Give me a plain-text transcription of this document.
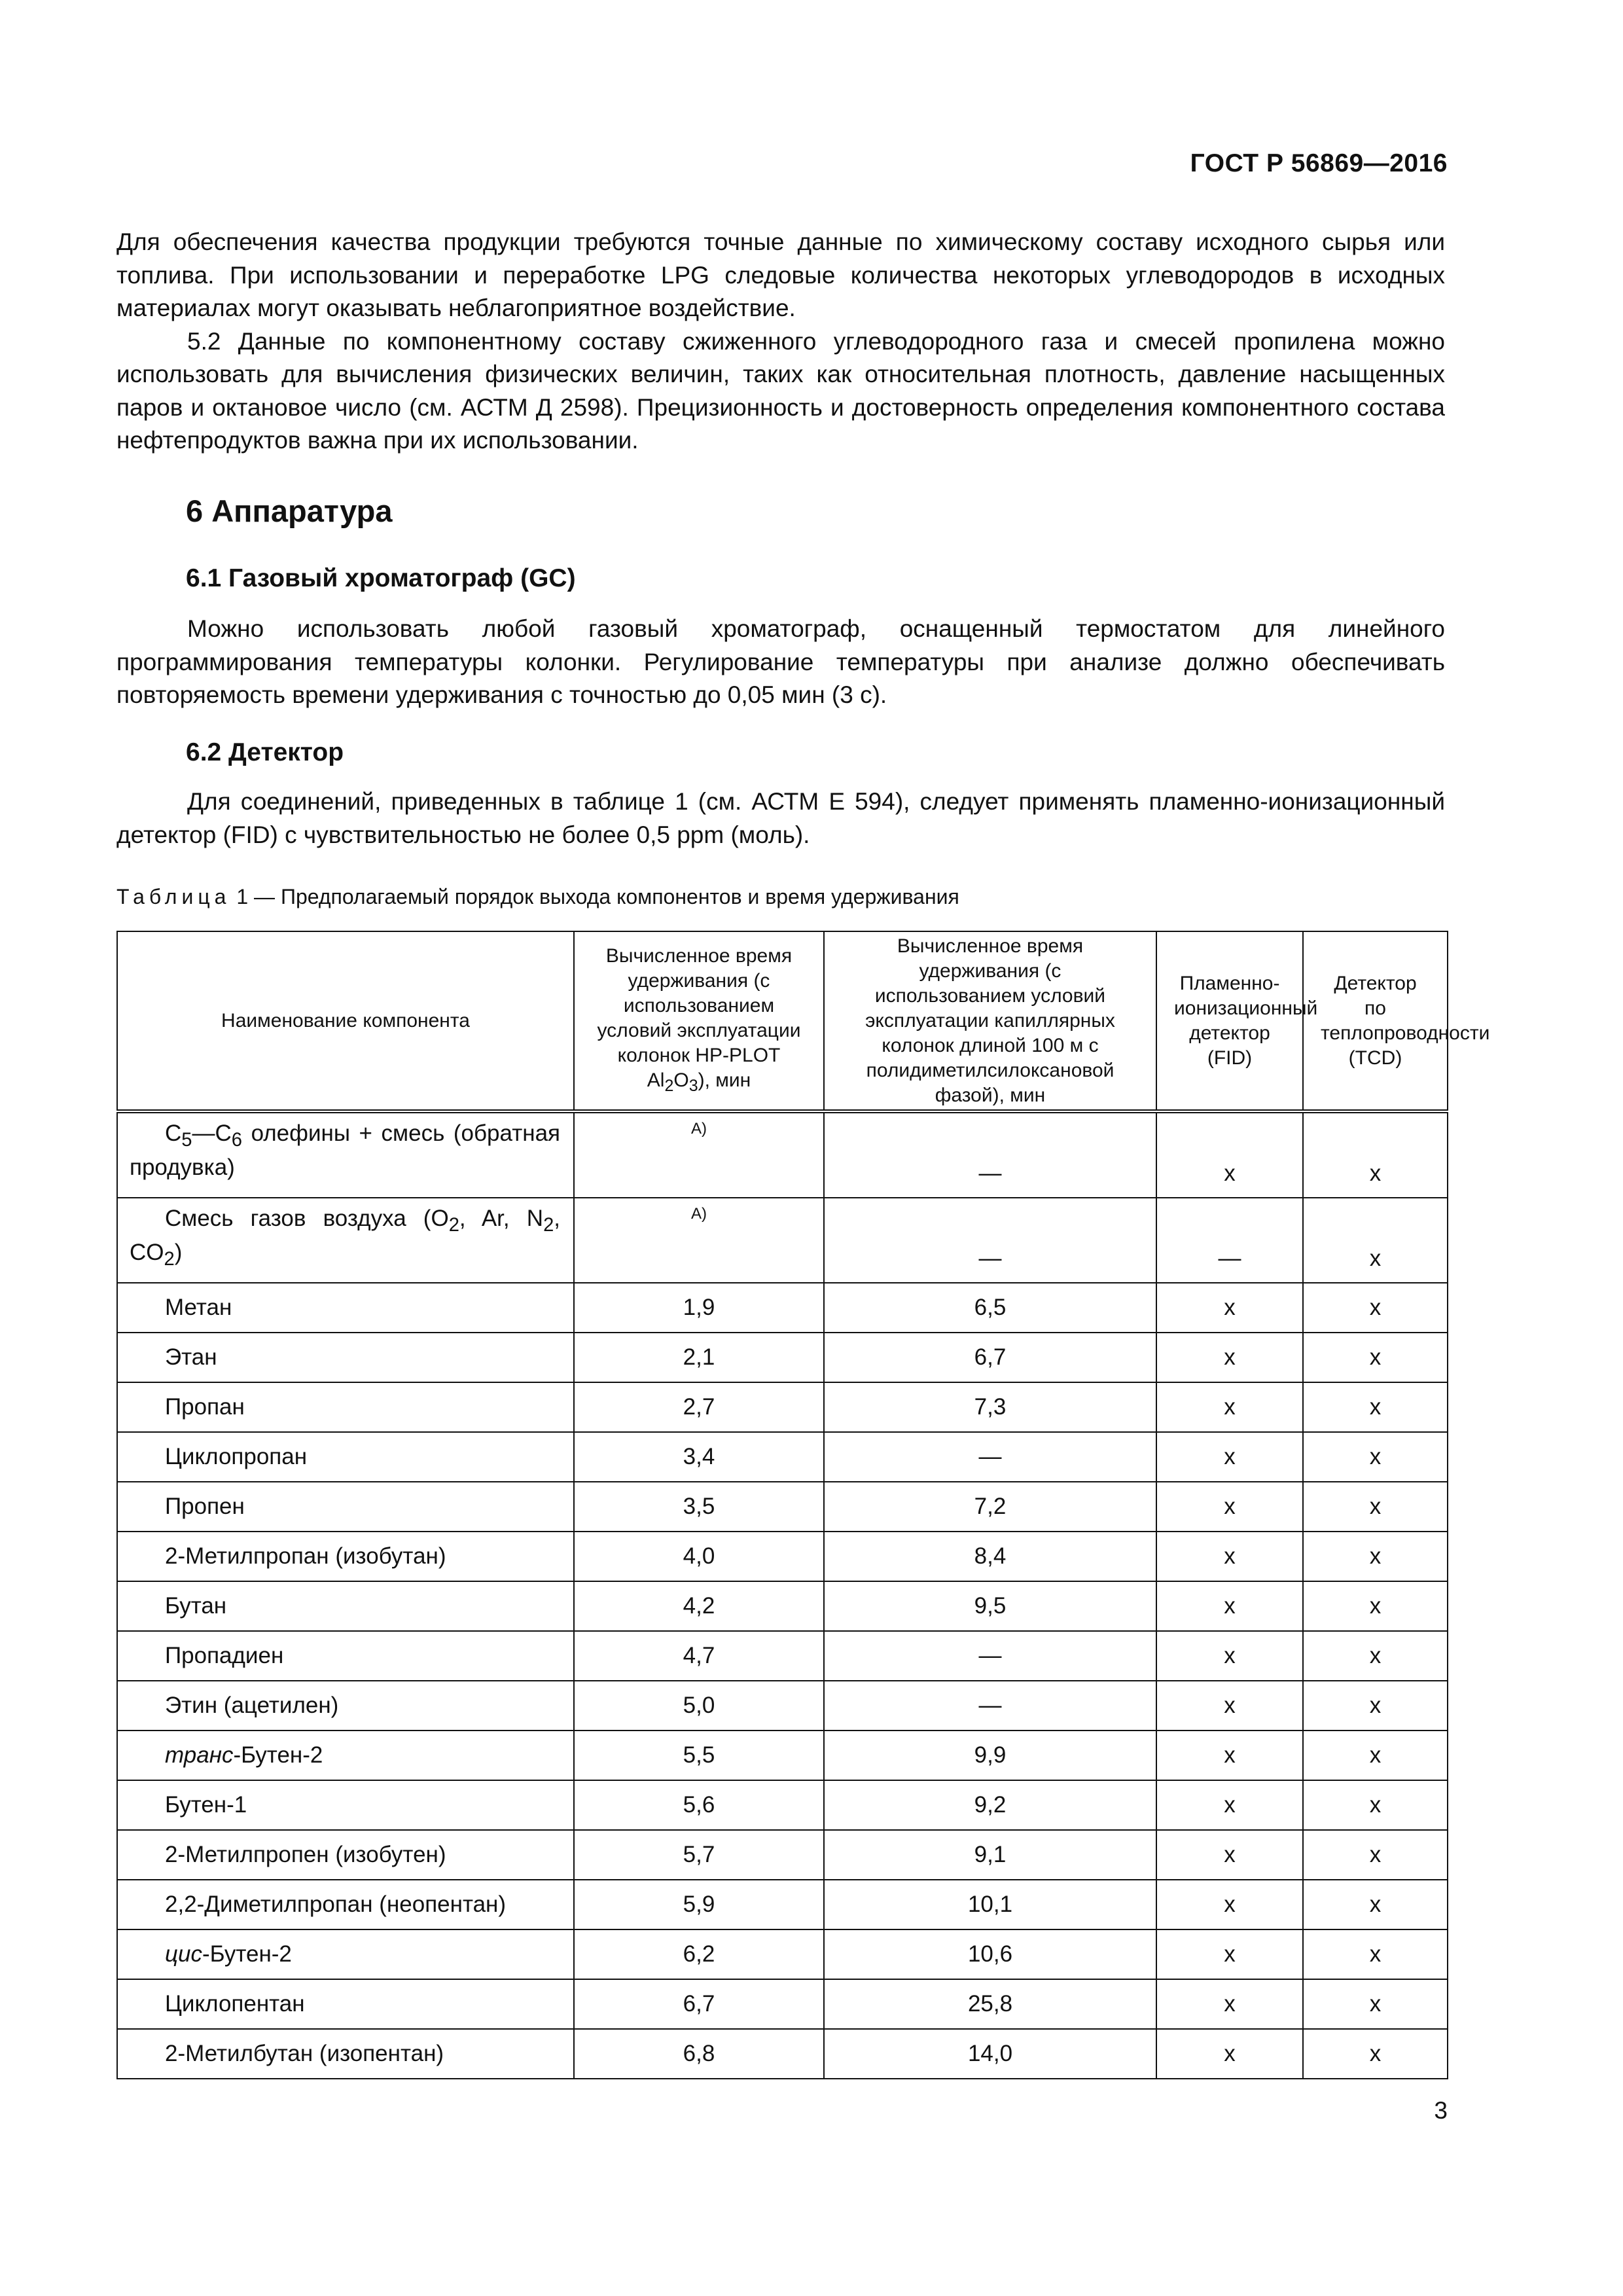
ГОСТ Р 56869—2016

Для обеспечения качества продукции требуются точные данные по химическому составу исходного сырья или топлива. При использовании и переработке LPG следовые количества некоторых углеводородов в исходных материалах могут оказывать неблагоприятное воздействие.

5.2 Данные по компонентному составу сжиженного углеводородного газа и смесей пропилена можно использовать для вычисления физических величин, таких как относительная плотность, давление насыщенных паров и октановое число (см. АСТМ Д 2598). Прецизионность и достоверность определения компонентного состава нефтепродуктов важна при их использовании.

6 Аппаратура
6.1 Газовый хроматограф (GC)

Можно использовать любой газовый хроматограф, оснащенный термостатом для линейного программирования температуры колонки. Регулирование температуры при анализе должно обеспечивать повторяемость времени удерживания с точностью до 0,05 мин (3 с).

6.2 Детектор

Для соединений, приведенных в таблице 1 (см. АСТМ Е 594), следует применять пламенно-ионизационный детектор (FID) с чувствительностью не более 0,5 ppm (моль).

Таблица 1 — Предполагаемый порядок выхода компонентов и время удерживания
Наименование компонента	Вычисленное время удерживания (с использованием условий эксплуатации колонок HP-PLOT $Al_2O_3$), мин	Вычисленное время удерживания (с использованием условий эксплуатации капиллярных колонок длиной 100 м с полидиметилсилоксановой фазой), мин	Пламенно-ионизационный детектор (FID)	Детектор по теплопроводности (TCD)
$C_5—C_6$ олефины + смесь (обратная продувка)	А)	—	x	x
Смесь газов воздуха ($O_2$, Ar, $N_2$, $CO_2$)	А)	—	—	x
Метан	1,9	6,5	x	x
Этан	2,1	6,7	x	x
Пропан	2,7	7,3	x	x
Циклопропан	3,4	—	x	x
Пропен	3,5	7,2	x	x
2-Метилпропан (изобутан)	4,0	8,4	x	x
Бутан	4,2	9,5	x	x
Пропадиен	4,7	—	x	x
Этин (ацетилен)	5,0	—	x	x
транс-Бутен-2	5,5	9,9	x	x
Бутен-1	5,6	9,2	x	x
2-Метилпропен (изобутен)	5,7	9,1	x	x
2,2-Диметилпропан (неопентан)	5,9	10,1	x	x
цис-Бутен-2	6,2	10,6	x	x
Циклопентан	6,7	25,8	x	x
2-Метилбутан (изопентан)	6,8	14,0	x	x
3
